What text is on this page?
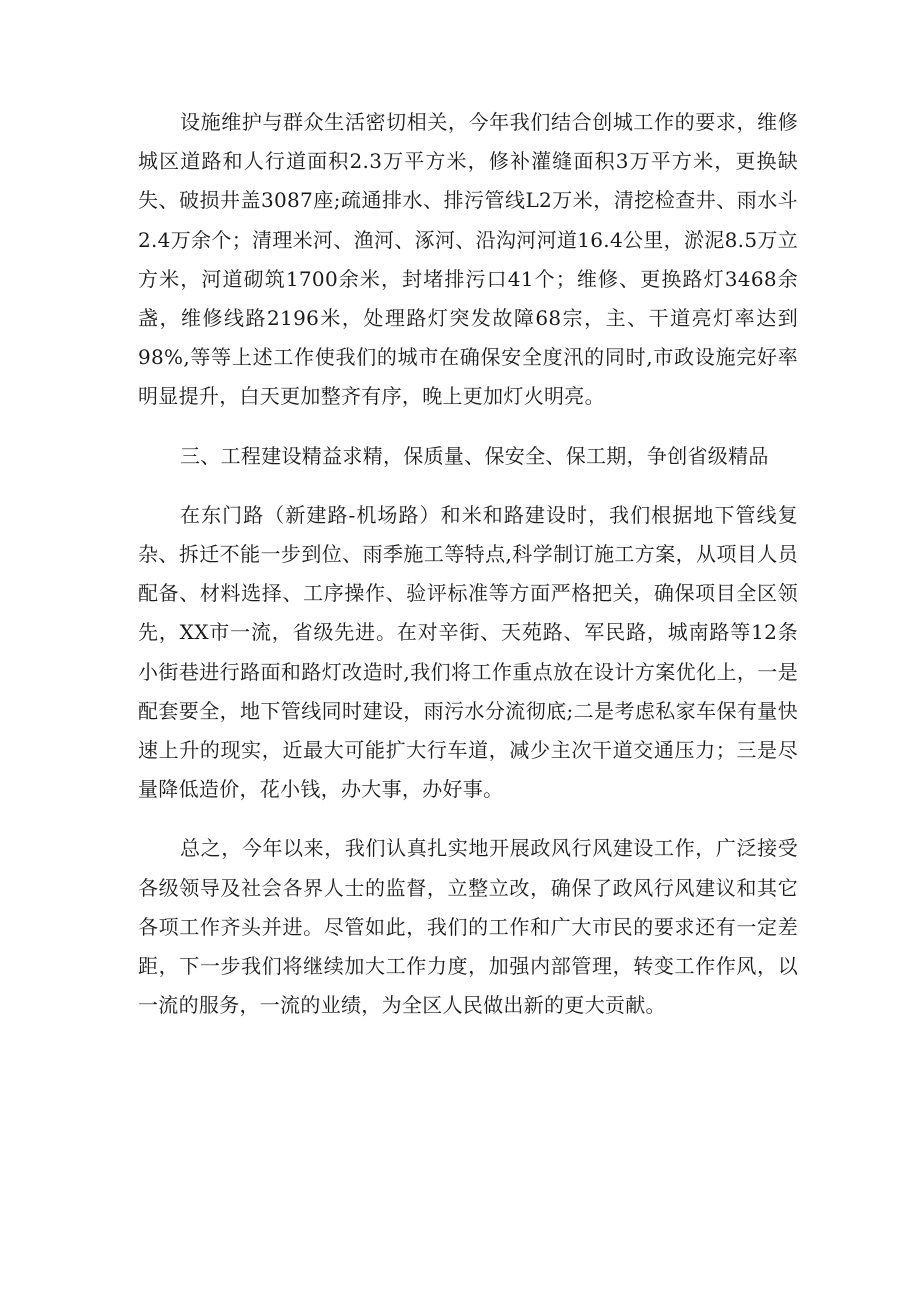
设施维护与群众生活密切相关，今年我们结合创城工作的要求，维修城区道路和人行道面积2.3万平方米，修补灌缝面积3万平方米，更换缺失、破损井盖3087座;疏通排水、排污管线L2万米，清挖检查井、雨水斗2.4万余个；清理米河、渔河、涿河、沿沟河河道16.4公里，淤泥8.5万立方米，河道砌筑1700余米，封堵排污口41个；维修、更换路灯3468余盏，维修线路2196米，处理路灯突发故障68宗，主、干道亮灯率达到98%,等等上述工作使我们的城市在确保安全度汛的同时,市政设施完好率明显提升，白天更加整齐有序，晚上更加灯火明亮。

三、工程建设精益求精，保质量、保安全、保工期，争创省级精品

在东门路（新建路-机场路）和米和路建设时，我们根据地下管线复杂、拆迁不能一步到位、雨季施工等特点,科学制订施工方案，从项目人员配备、材料选择、工序操作、验评标准等方面严格把关，确保项目全区领先，XX市一流，省级先进。在对辛街、天苑路、军民路，城南路等12条小街巷进行路面和路灯改造时,我们将工作重点放在设计方案优化上，一是配套要全，地下管线同时建设，雨污水分流彻底;二是考虑私家车保有量快速上升的现实，近最大可能扩大行车道，减少主次干道交通压力；三是尽量降低造价，花小钱，办大事，办好事。

总之，今年以来，我们认真扎实地开展政风行风建设工作，广泛接受各级领导及社会各界人士的监督，立整立改，确保了政风行风建议和其它各项工作齐头并进。尽管如此，我们的工作和广大市民的要求还有一定差距，下一步我们将继续加大工作力度，加强内部管理，转变工作作风，以一流的服务，一流的业绩，为全区人民做出新的更大贡献。
